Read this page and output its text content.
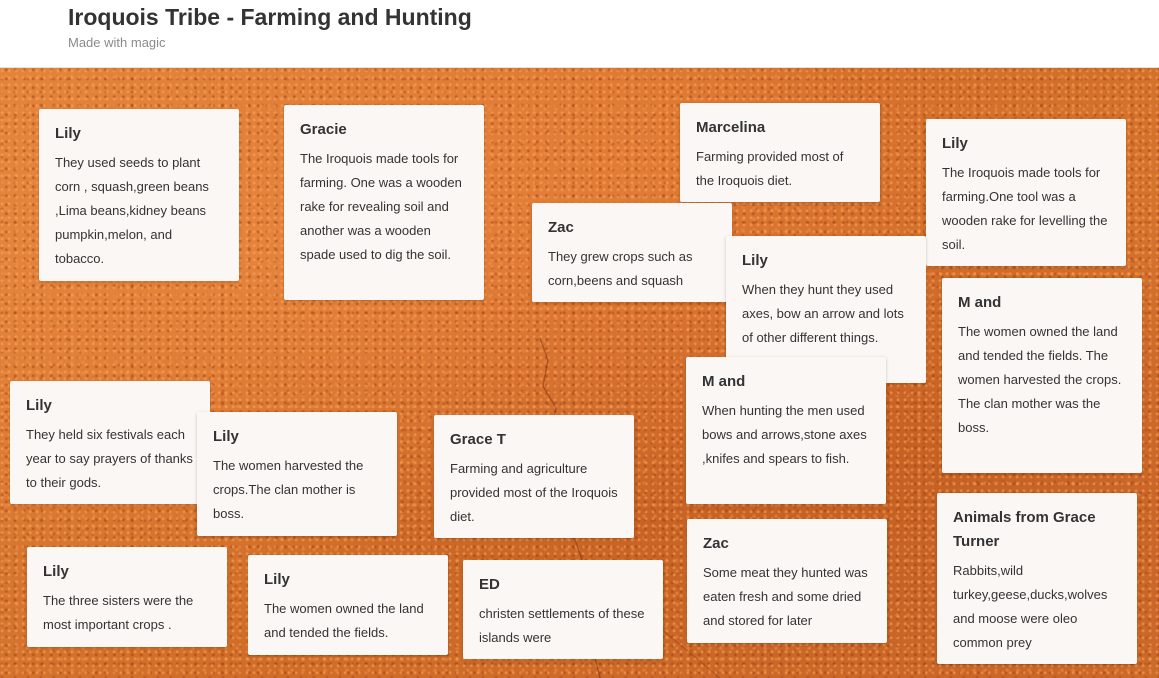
Iroquois Tribe - Farming and Hunting
Made with magic
Lily
They used seeds to plant corn , squash,green beans ,Lima beans,kidney beans pumpkin,melon, and tobacco.
Gracie
The Iroquois made tools for farming. One was a wooden rake for revealing soil and another was a wooden spade used to dig the soil.
Marcelina
Farming provided most of the Iroquois diet.
Lily
The Iroquois made tools for farming.One tool was a wooden rake for levelling the soil.
Zac
They grew crops such as corn,beens and squash
Lily
When they hunt they used axes, bow an arrow and lots of other different things.
M and
The women owned the land and tended the fields. The women harvested the crops. The clan mother was the boss.
M and
When hunting the men used bows and arrows,stone axes ,knifes and spears to fish.
Lily
They held six festivals each year to say prayers of thanks to their gods.
Lily
The women harvested the crops.The clan mother is boss.
Grace T
Farming and agriculture provided most of the Iroquois diet.
Zac
Some meat they hunted was eaten fresh and some dried and stored for later
Animals from Grace Turner
Rabbits,wild turkey,geese,ducks,wolves and moose were oleo common prey
Lily
The three sisters were the most important crops .
Lily
The women owned the land and tended the fields.
ED
christen settlements of these islands were
